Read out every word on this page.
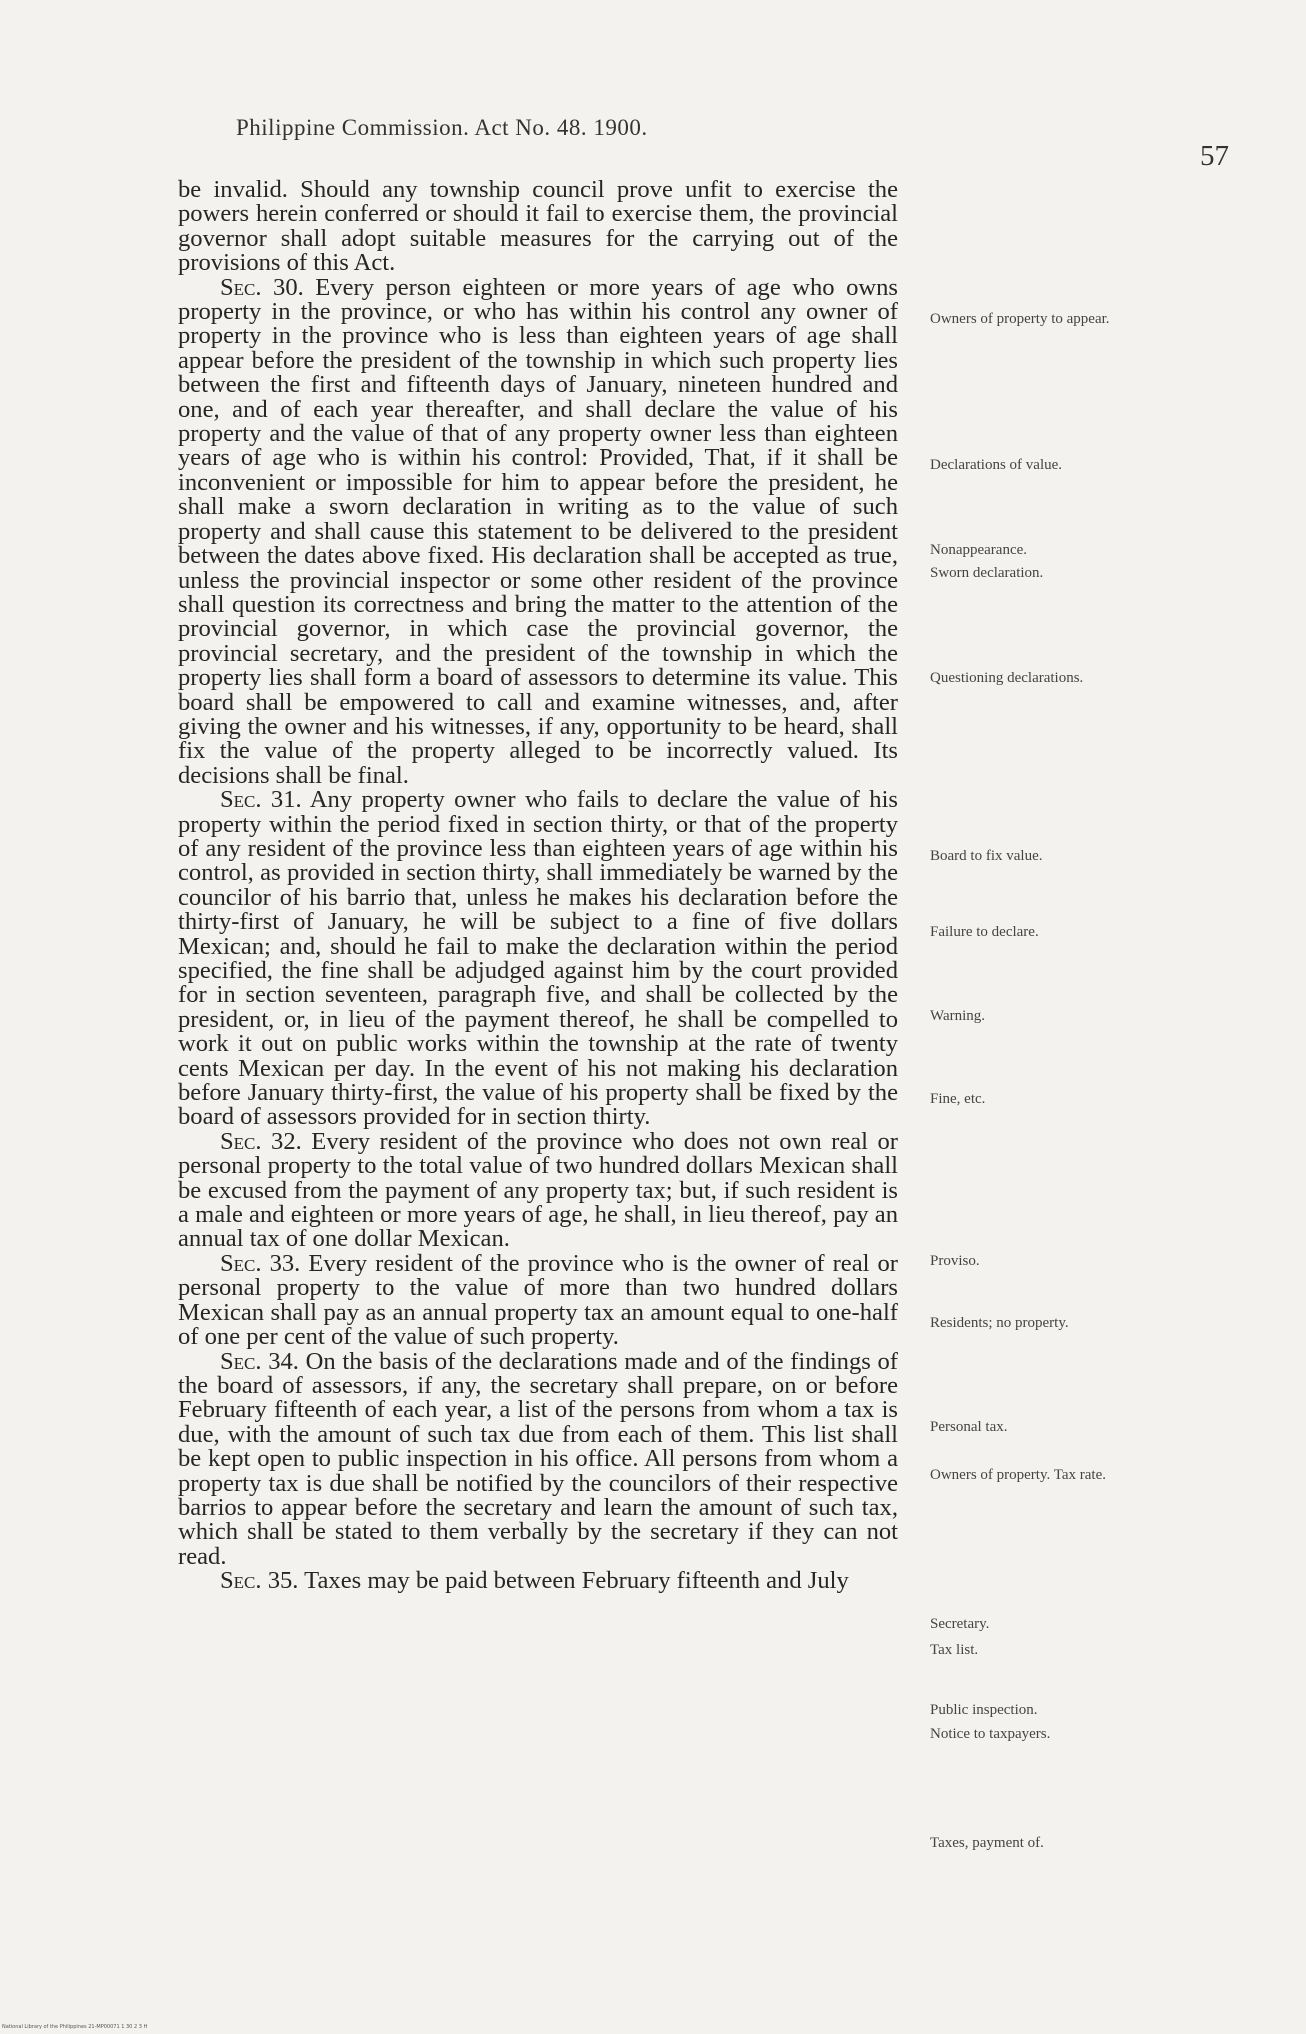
Philippine Commission. Act No. 48. 1900.
57

be invalid. Should any township council prove unfit to exercise the powers herein conferred or should it fail to exercise them, the provincial governor shall adopt suitable measures for the carrying out of the provisions of this Act.

Sec. 30. Every person eighteen or more years of age who owns property in the province, or who has within his control any owner of property in the province who is less than eighteen years of age shall appear before the president of the township in which such property lies between the first and fifteenth days of January, nineteen hundred and one, and of each year thereafter, and shall declare the value of his property and the value of that of any property owner less than eighteen years of age who is within his control: Provided, That, if it shall be inconvenient or impossible for him to appear before the president, he shall make a sworn declaration in writing as to the value of such property and shall cause this statement to be delivered to the president between the dates above fixed. His declaration shall be accepted as true, unless the provincial inspector or some other resident of the province shall question its correctness and bring the matter to the attention of the provincial governor, in which case the provincial governor, the provincial secretary, and the president of the township in which the property lies shall form a board of assessors to determine its value. This board shall be empowered to call and examine witnesses, and, after giving the owner and his witnesses, if any, opportunity to be heard, shall fix the value of the property alleged to be incorrectly valued. Its decisions shall be final.

Sec. 31. Any property owner who fails to declare the value of his property within the period fixed in section thirty, or that of the property of any resident of the province less than eighteen years of age within his control, as provided in section thirty, shall immediately be warned by the councilor of his barrio that, unless he makes his declaration before the thirty-first of January, he will be subject to a fine of five dollars Mexican; and, should he fail to make the declaration within the period specified, the fine shall be adjudged against him by the court provided for in section seventeen, paragraph five, and shall be collected by the president, or, in lieu of the payment thereof, he shall be compelled to work it out on public works within the township at the rate of twenty cents Mexican per day. In the event of his not making his declaration before January thirty-first, the value of his property shall be fixed by the board of assessors provided for in section thirty.

Sec. 32. Every resident of the province who does not own real or personal property to the total value of two hundred dollars Mexican shall be excused from the payment of any property tax; but, if such resident is a male and eighteen or more years of age, he shall, in lieu thereof, pay an annual tax of one dollar Mexican.

Sec. 33. Every resident of the province who is the owner of real or personal property to the value of more than two hundred dollars Mexican shall pay as an annual property tax an amount equal to one-half of one per cent of the value of such property.

Sec. 34. On the basis of the declarations made and of the findings of the board of assessors, if any, the secretary shall prepare, on or before February fifteenth of each year, a list of the persons from whom a tax is due, with the amount of such tax due from each of them. This list shall be kept open to public inspection in his office. All persons from whom a property tax is due shall be notified by the councilors of their respective barrios to appear before the secretary and learn the amount of such tax, which shall be stated to them verbally by the secretary if they can not read.

Sec. 35. Taxes may be paid between February fifteenth and July

Owners of property to appear.
Declarations of value.
Nonappearance.
Sworn declaration.
Questioning declarations.
Board to fix value.
Failure to declare.
Warning.
Fine, etc.
Proviso.
Residents; no property.
Personal tax.
Owners of property. Tax rate.
Secretary.
Tax list.
Public inspection.
Notice to taxpayers.
Taxes, payment of.
National Library of the Philippines 21-MP00071 1 30 2 3 H
